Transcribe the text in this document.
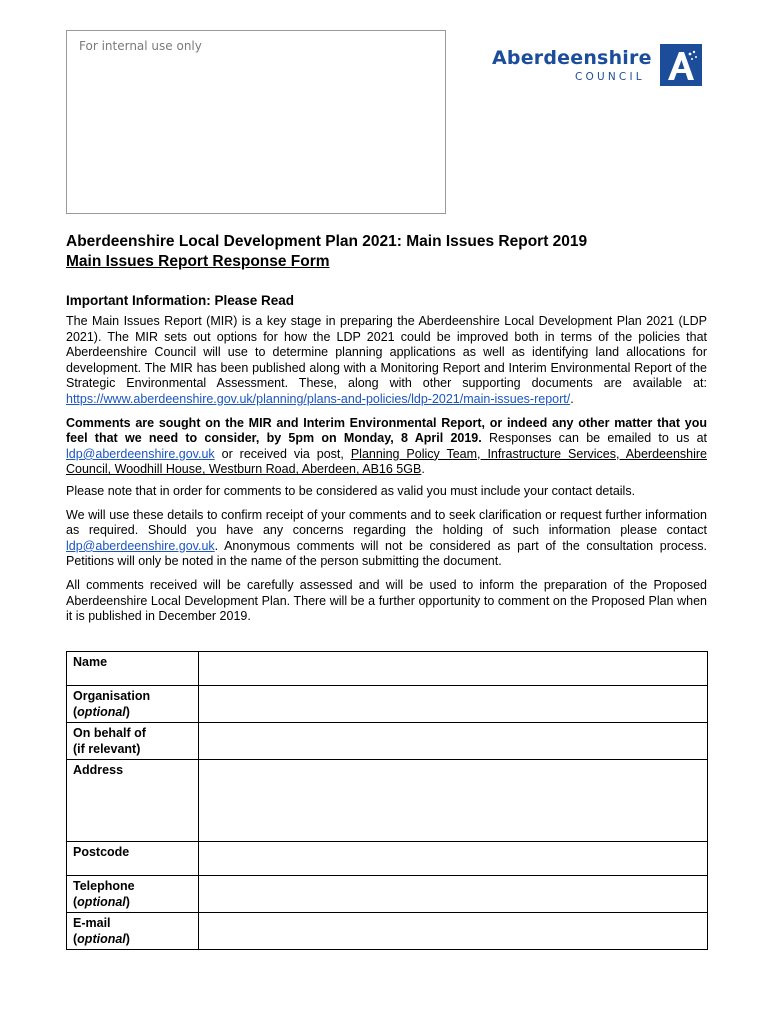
For internal use only
Aberdeenshire
COUNCIL
Aberdeenshire Local Development Plan 2021: Main Issues Report 2019
Main Issues Report Response Form
Important Information: Please Read

The Main Issues Report (MIR) is a key stage in preparing the Aberdeenshire Local Development Plan 2021 (LDP 2021). The MIR sets out options for how the LDP 2021 could be improved both in terms of the policies that Aberdeenshire Council will use to determine planning applications as well as identifying land allocations for development. The MIR has been published along with a Monitoring Report and Interim Environmental Report of the Strategic Environmental Assessment. These, along with other supporting documents are available at: https://www.aberdeenshire.gov.uk/planning/plans-and-policies/ldp-2021/main-issues-report/.

Comments are sought on the MIR and Interim Environmental Report, or indeed any other matter that you feel that we need to consider, by 5pm on Monday, 8 April 2019. Responses can be emailed to us at ldp@aberdeenshire.gov.uk or received via post, Planning Policy Team, Infrastructure Services, Aberdeenshire Council, Woodhill House, Westburn Road, Aberdeen, AB16 5GB.

Please note that in order for comments to be considered as valid you must include your contact details.

We will use these details to confirm receipt of your comments and to seek clarification or request further information as required. Should you have any concerns regarding the holding of such information please contact ldp@aberdeenshire.gov.uk. Anonymous comments will not be considered as part of the consultation process. Petitions will only be noted in the name of the person submitting the document.

All comments received will be carefully assessed and will be used to inform the preparation of the Proposed Aberdeenshire Local Development Plan. There will be a further opportunity to comment on the Proposed Plan when it is published in December 2019.

Name	
Organisation
(optional)	
On behalf of
(if relevant)	
Address	
Postcode	
Telephone
(optional)	
E-mail
(optional)	
